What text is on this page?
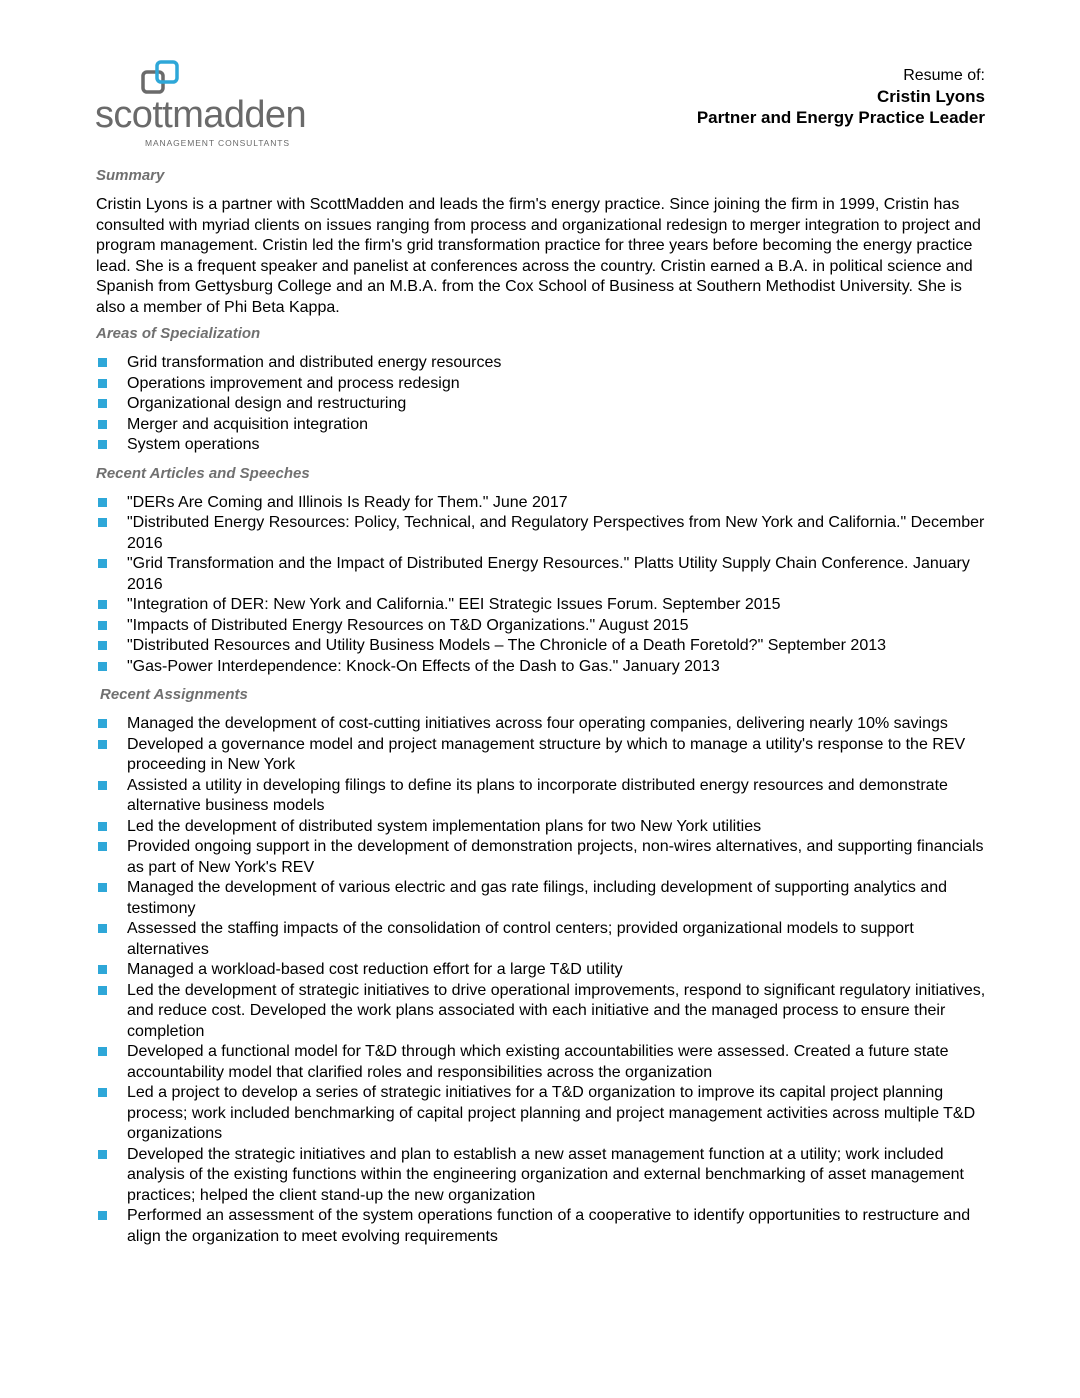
scottmadden
MANAGEMENT CONSULTANTS
Resume of:
Cristin Lyons
Partner and Energy Practice Leader
Summary

Cristin Lyons is a partner with ScottMadden and leads the firm's energy practice. Since joining the firm in 1999, Cristin has consulted with myriad clients on issues ranging from process and organizational redesign to merger integration to project and program management. Cristin led the firm's grid transformation practice for three years before becoming the energy practice lead. She is a frequent speaker and panelist at conferences across the country. Cristin earned a B.A. in political science and Spanish from Gettysburg College and an M.B.A. from the Cox School of Business at Southern Methodist University. She is also a member of Phi Beta Kappa.

Areas of Specialization
Grid transformation and distributed energy resources
Operations improvement and process redesign
Organizational design and restructuring
Merger and acquisition integration
System operations
Recent Articles and Speeches
"DERs Are Coming and Illinois Is Ready for Them." June 2017
"Distributed Energy Resources: Policy, Technical, and Regulatory Perspectives from New York and California." December 2016
"Grid Transformation and the Impact of Distributed Energy Resources." Platts Utility Supply Chain Conference. January 2016
"Integration of DER: New York and California." EEI Strategic Issues Forum. September 2015
"Impacts of Distributed Energy Resources on T&D Organizations." August 2015
"Distributed Resources and Utility Business Models – The Chronicle of a Death Foretold?" September 2013
"Gas-Power Interdependence: Knock-On Effects of the Dash to Gas." January 2013
Recent Assignments
Managed the development of cost-cutting initiatives across four operating companies, delivering nearly 10% savings
Developed a governance model and project management structure by which to manage a utility's response to the REV proceeding in New York
Assisted a utility in developing filings to define its plans to incorporate distributed energy resources and demonstrate alternative business models
Led the development of distributed system implementation plans for two New York utilities
Provided ongoing support in the development of demonstration projects, non-wires alternatives, and supporting financials as part of New York's REV
Managed the development of various electric and gas rate filings, including development of supporting analytics and testimony
Assessed the staffing impacts of the consolidation of control centers; provided organizational models to support alternatives
Managed a workload-based cost reduction effort for a large T&D utility
Led the development of strategic initiatives to drive operational improvements, respond to significant regulatory initiatives, and reduce cost. Developed the work plans associated with each initiative and the managed process to ensure their completion
Developed a functional model for T&D through which existing accountabilities were assessed. Created a future state accountability model that clarified roles and responsibilities across the organization
Led a project to develop a series of strategic initiatives for a T&D organization to improve its capital project planning process; work included benchmarking of capital project planning and project management activities across multiple T&D organizations
Developed the strategic initiatives and plan to establish a new asset management function at a utility; work included analysis of the existing functions within the engineering organization and external benchmarking of asset management practices; helped the client stand-up the new organization
Performed an assessment of the system operations function of a cooperative to identify opportunities to restructure and align the organization to meet evolving requirements
